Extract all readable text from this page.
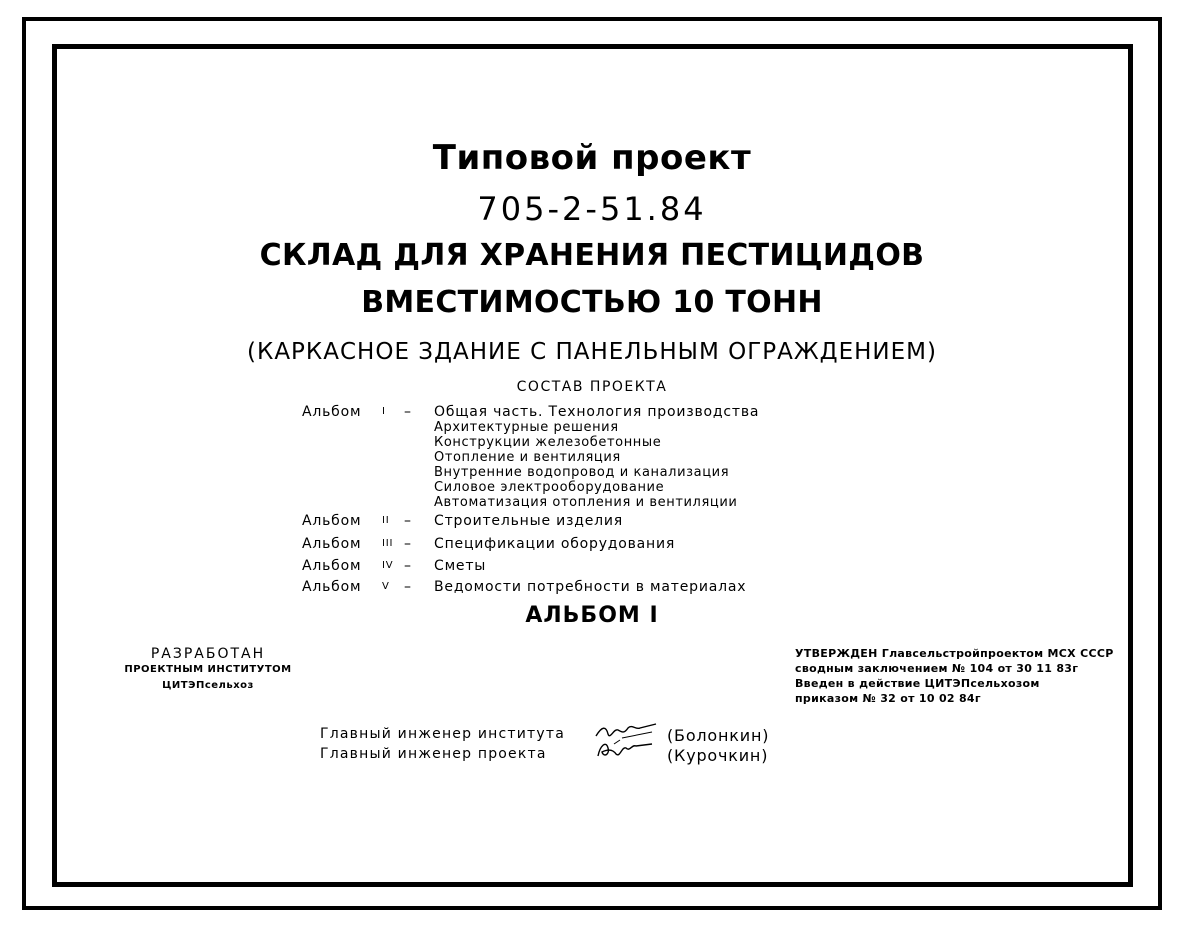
Типовой проект
705-2-51.84
СКЛАД ДЛЯ ХРАНЕНИЯ ПЕСТИЦИДОВ
ВМЕСТИМОСТЬЮ 10 ТОНН
(КАРКАСНОЕ ЗДАНИЕ С ПАНЕЛЬНЫМ ОГРАЖДЕНИЕМ)
СОСТАВ ПРОЕКТА
Альбом	I	– Общая часть. Технология производства
Архитектурные решения
Конструкции железобетонные
Отопление и вентиляция
Внутренние водопровод и канализация
Силовое электрооборудование
Автоматизация отопления и вентиляции
Альбом	II	– Строительные изделия
Альбом	III – Спецификации оборудования
Альбом	IV – Сметы
Альбом	V	– Ведомости потребности в материалах
АЛЬБОМ I
РАЗРАБОТАН
ПРОЕКТНЫМ ИНСТИТУТОМ
ЦИТЭПсельхоз
УТВЕРЖДЕН Главсельстройпроектом МСХ СССР
сводным заключением № 104 от 30 11 83г
Введен в действие ЦИТЭПсельхозом
приказом № 32 от 10 02 84г
Главный инженер института	(Болонкин)
Главный инженер проекта	(Курочкин)
